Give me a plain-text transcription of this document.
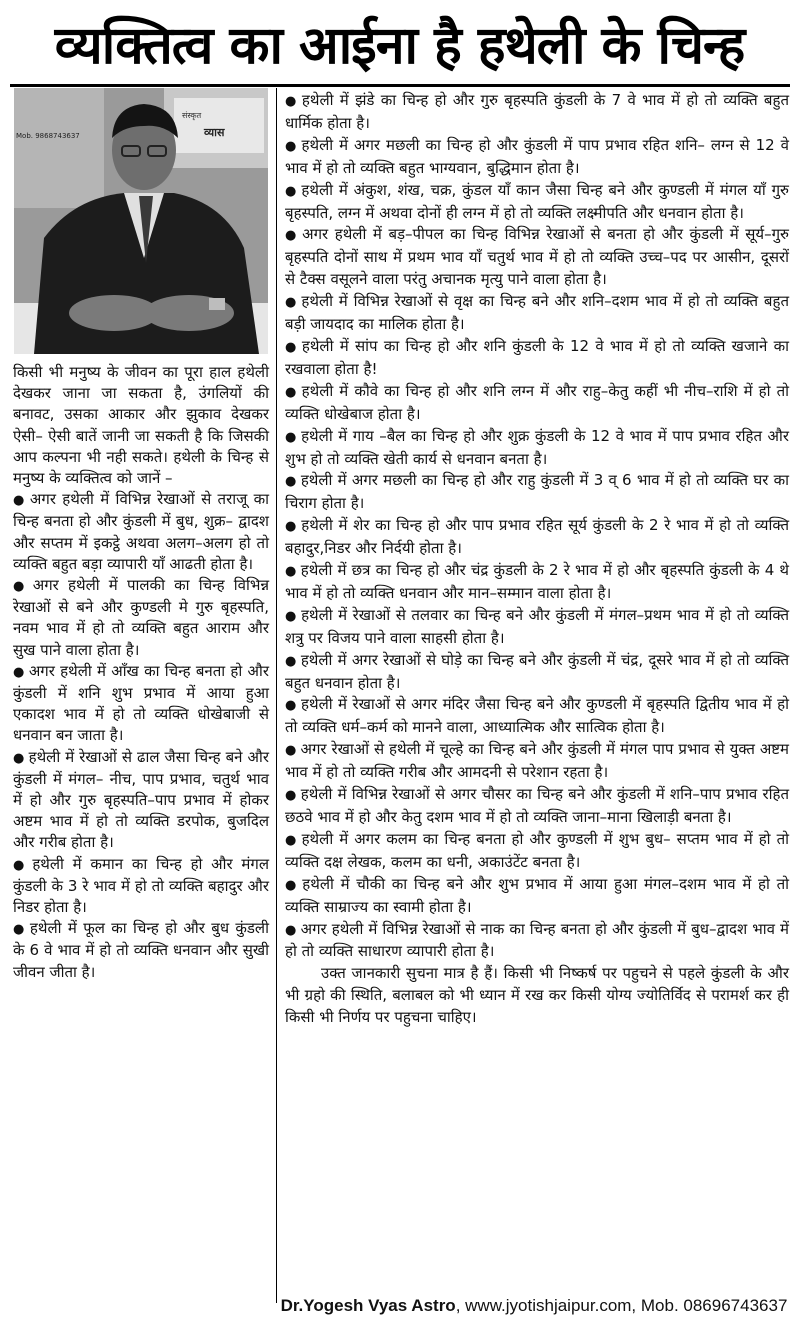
व्यक्तित्व का आईना है हथेली के चिन्ह
संस्कृत
व्यास
Mob. 9868743637

किसी भी मनुष्य के जीवन का पूरा हाल हथेली देखकर जाना जा सकता है, उंगलियों की बनावट, उसका आकार और झुकाव देखकर ऐसी– ऐसी बातें जानी जा सकती है कि जिसकी आप कल्पना भी नही सकते। हथेली के चिन्ह से मनुष्य के व्यक्तित्व को जानें –

● अगर हथेली में विभिन्न रेखाओं से तराजू का चिन्ह बनता हो और कुंडली में बुध, शुक्र– द्वादश और सप्तम में इकट्ठे अथवा अलग–अलग हो तो व्यक्ति बहुत बड़ा व्यापारी यॉं आढती होता है।

● अगर हथेली में पालकी का चिन्ह विभिन्न रेखाओं से बने और कुण्डली मे गुरु बृहस्पति, नवम भाव में हो तो व्यक्ति बहुत आराम और सुख पाने वाला होता है।

● अगर हथेली में ऑंख का चिन्ह बनता हो और कुंडली में शनि शुभ प्रभाव में आया हुआ एकादश भाव में हो तो व्यक्ति धोखेबाजी से धनवान बन जाता है।

● हथेली में रेखाओं से ढाल जैसा चिन्ह बने और कुंडली में मंगल– नीच, पाप प्रभाव, चतुर्थ भाव में हो और गुरु बृहस्पति–पाप प्रभाव में होकर अष्टम भाव में हो तो व्यक्ति डरपोक, बुजदिल और गरीब होता है।

● हथेली में कमान का चिन्ह हो और मंगल कुंडली के 3 रे भाव में हो तो व्यक्ति बहादुर और निडर होता है।

● हथेली में फूल का चिन्ह हो और बुध कुंडली के 6 वे भाव में हो तो व्यक्ति धनवान और सुखी जीवन जीता है।

● हथेली में झंडे का चिन्ह हो और गुरु बृहस्पति कुंडली के 7 वे भाव में हो तो व्यक्ति बहुत धार्मिक होता है।

● हथेली में अगर मछली का चिन्ह हो और कुंडली में पाप प्रभाव रहित शनि– लग्न से 12 वे भाव में हो तो व्यक्ति बहुत भाग्यवान, बुद्धिमान होता है।

● हथेली में अंकुश, शंख, चक्र, कुंडल यॉं कान जैसा चिन्ह बने और कुण्डली में मंगल यॉं गुरु बृहस्पति, लग्न में अथवा दोनों ही लग्न में हो तो व्यक्ति लक्ष्मीपति और धनवान होता है।

● अगर हथेली में बड़–पीपल का चिन्ह विभिन्न रेखाओं से बनता हो और कुंडली में सूर्य–गुरु बृहस्पति दोनों साथ में प्रथम भाव यॉं चतुर्थ भाव में हो तो व्यक्ति उच्च–पद पर आसीन, दूसरों से टैक्स वसूलने वाला परंतु अचानक मृत्यु पाने वाला होता है।

● हथेली में विभिन्न रेखाओं से वृक्ष का चिन्ह बने और शनि–दशम भाव में हो तो व्यक्ति बहुत बड़ी जायदाद का मालिक होता है।

● हथेली में सांप का चिन्ह हो और शनि कुंडली के 12 वे भाव में हो तो व्यक्ति खजाने का रखवाला होता है!

● हथेली में कौवे का चिन्ह हो और शनि लग्न में और राहु–केतु कहीं भी नीच–राशि में हो तो व्यक्ति धोखेबाज होता है।

● हथेली में गाय –बैल का चिन्ह हो और शुक्र कुंडली के 12 वे भाव में पाप प्रभाव रहित और शुभ हो तो व्यक्ति खेती कार्य से धनवान बनता है।

● हथेली में अगर मछली का चिन्ह हो और राहु कुंडली में 3 व् 6 भाव में हो तो व्यक्ति घर का चिराग होता है।

● हथेली में शेर का चिन्ह हो और पाप प्रभाव रहित सूर्य कुंडली के 2 रे भाव में हो तो व्यक्ति बहादुर,निडर और निर्दयी होता है।

● हथेली में छत्र का चिन्ह हो और चंद्र कुंडली के 2 रे भाव में हो और बृहस्पति कुंडली के 4 थे भाव में हो तो व्यक्ति धनवान और मान–सम्मान वाला होता है।

● हथेली में रेखाओं से तलवार का चिन्ह बने और कुंडली में मंगल–प्रथम भाव में हो तो व्यक्ति शत्रु पर विजय पाने वाला साहसी होता है।

● हथेली में अगर रेखाओं से घोड़े का चिन्ह बने और कुंडली में चंद्र, दूसरे भाव में हो तो व्यक्ति बहुत धनवान होता है।

● हथेली में रेखाओं से अगर मंदिर जैसा चिन्ह बने और कुण्डली में बृहस्पति द्वितीय भाव में हो तो व्यक्ति धर्म–कर्म को मानने वाला, आध्यात्मिक और सात्विक होता है।

● अगर रेखाओं से हथेली में चूल्हे का चिन्ह बने और कुंडली में मंगल पाप प्रभाव से युक्त अष्टम भाव में हो तो व्यक्ति गरीब और आमदनी से परेशान रहता है।

● हथेली में विभिन्न रेखाओं से अगर चौसर का चिन्ह बने और कुंडली में शनि–पाप प्रभाव रहित छठवे भाव में हो और केतु दशम भाव में हो तो व्यक्ति जाना–माना खिलाड़ी बनता है।

● हथेली में अगर कलम का चिन्ह बनता हो और कुण्डली में शुभ बुध– सप्तम भाव में हो तो व्यक्ति दक्ष लेखक, कलम का धनी, अकाउंटेंट बनता है।

● हथेली में चौकी का चिन्ह बने और शुभ प्रभाव में आया हुआ मंगल–दशम भाव में हो तो व्यक्ति साम्राज्य का स्वामी होता है।

● अगर हथेली में विभिन्न रेखाओं से नाक का चिन्ह बनता हो और कुंडली में बुध–द्वादश भाव में हो तो व्यक्ति साधारण व्यापारी होता है।

उक्त जानकारी सुचना मात्र है हैं। किसी भी निष्कर्ष पर पहुचने से पहले कुंडली के और भी ग्रहो की स्थिति, बलाबल को भी ध्यान में रख कर किसी योग्य ज्योतिर्विद से परामर्श कर ही किसी भी निर्णय पर पहुचना चाहिए।

Dr.Yogesh Vyas Astro, www.jyotishjaipur.com, Mob. 08696743637
